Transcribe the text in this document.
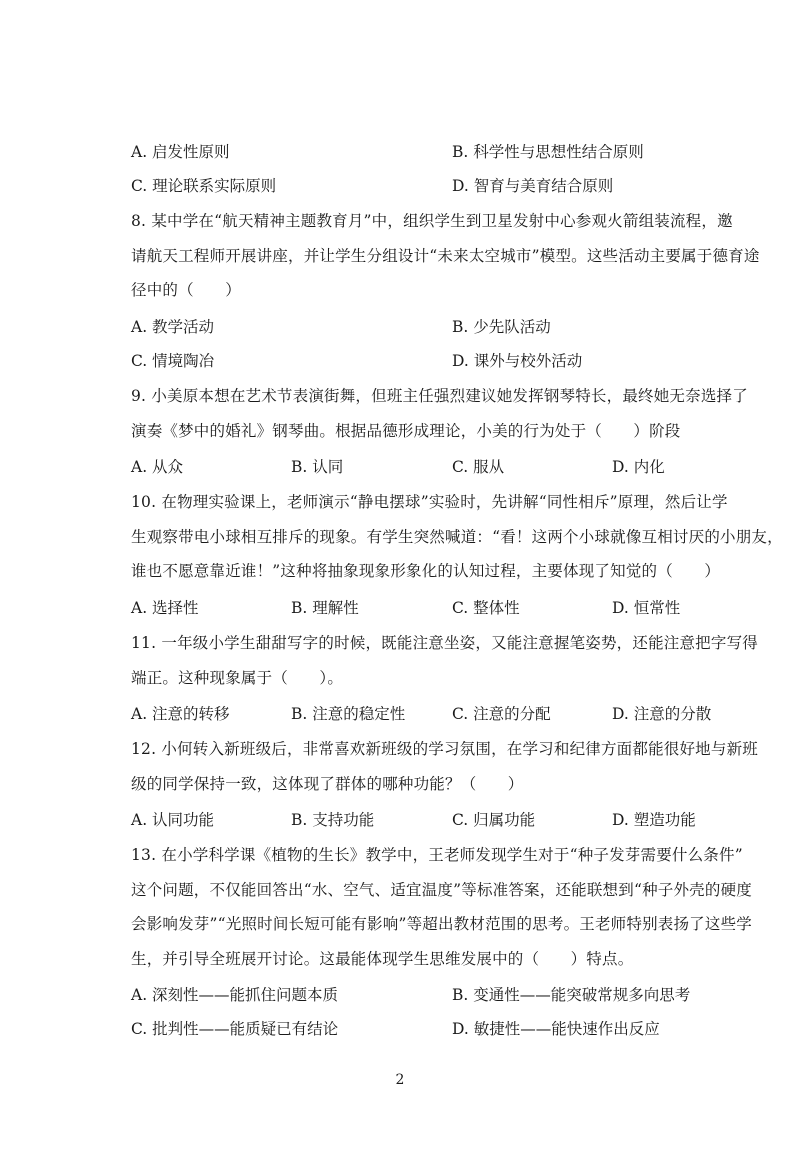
A. 启发性原则	B. 科学性与思想性结合原则
C. 理论联系实际原则	D. 智育与美育结合原则
8. 某中学在“航天精神主题教育月”中，组织学生到卫星发射中心参观火箭组装流程，邀
请航天工程师开展讲座，并让学生分组设计“未来太空城市”模型。这些活动主要属于德育途
径中的（　　）
A. 教学活动	B. 少先队活动
C. 情境陶冶	D. 课外与校外活动
9. 小美原本想在艺术节表演街舞，但班主任强烈建议她发挥钢琴特长，最终她无奈选择了
演奏《梦中的婚礼》钢琴曲。根据品德形成理论，小美的行为处于（　　）阶段
A. 从众	B. 认同	C. 服从	D. 内化
10. 在物理实验课上，老师演示“静电摆球”实验时，先讲解“同性相斥”原理，然后让学
生观察带电小球相互排斥的现象。有学生突然喊道：“看！这两个小球就像互相讨厌的小朋友，
谁也不愿意靠近谁！”这种将抽象现象形象化的认知过程，主要体现了知觉的（　　）
A. 选择性	B. 理解性	C. 整体性	D. 恒常性
11. 一年级小学生甜甜写字的时候，既能注意坐姿，又能注意握笔姿势，还能注意把字写得
端正。这种现象属于（　　）。
A. 注意的转移	B. 注意的稳定性	C. 注意的分配	D. 注意的分散
12. 小何转入新班级后，非常喜欢新班级的学习氛围，在学习和纪律方面都能很好地与新班
级的同学保持一致，这体现了群体的哪种功能？（　　）
A. 认同功能	B. 支持功能	C. 归属功能	D. 塑造功能
13. 在小学科学课《植物的生长》教学中，王老师发现学生对于“种子发芽需要什么条件”
这个问题，不仅能回答出“水、空气、适宜温度”等标准答案，还能联想到“种子外壳的硬度
会影响发芽”“光照时间长短可能有影响”等超出教材范围的思考。王老师特别表扬了这些学
生，并引导全班展开讨论。这最能体现学生思维发展中的（　　）特点。
A. 深刻性——能抓住问题本质	B. 变通性——能突破常规多向思考
C. 批判性——能质疑已有结论	D. 敏捷性——能快速作出反应
2
